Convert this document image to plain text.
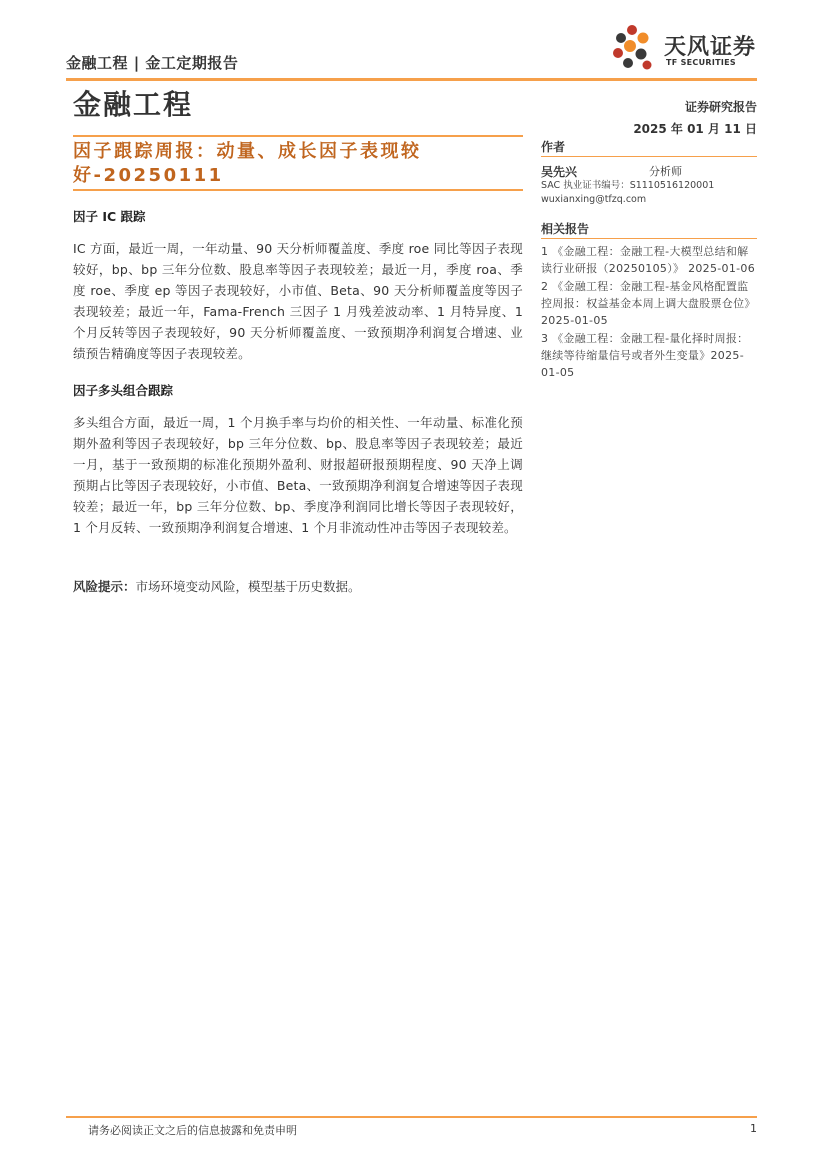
金融工程 | 金工定期报告
天风证券
TF SECURITIES
金融工程	证券研究报告
2025 年 01 月 11 日
因子跟踪周报：动量、成长因子表现较好-20250111
作者
吴先兴	分析师
SAC 执业证书编号：S1110516120001
wuxianxing@tfzq.com
相关报告
1 《金融工程：金融工程-大模型总结和解读行业研报（20250105）》 2025-01-06
2 《金融工程：金融工程-基金风格配置监控周报：权益基金本周上调大盘股票仓位》2025-01-05
3 《金融工程：金融工程-量化择时周报：继续等待缩量信号或者外生变量》2025-01-05
因子 IC 跟踪
IC 方面，最近一周，一年动量、90 天分析师覆盖度、季度 roe 同比等因子表现较好，bp、bp 三年分位数、股息率等因子表现较差；最近一月，季度 roa、季度 roe、季度 ep 等因子表现较好，小市值、Beta、90 天分析师覆盖度等因子表现较差；最近一年，Fama-French 三因子 1 月残差波动率、1 月特异度、1 个月反转等因子表现较好，90 天分析师覆盖度、一致预期净利润复合增速、业绩预告精确度等因子表现较差。
因子多头组合跟踪
多头组合方面，最近一周，1 个月换手率与均价的相关性、一年动量、标准化预期外盈利等因子表现较好，bp 三年分位数、bp、股息率等因子表现较差；最近一月，基于一致预期的标准化预期外盈利、财报超研报预期程度、90 天净上调预期占比等因子表现较好，小市值、Beta、一致预期净利润复合增速等因子表现较差；最近一年，bp 三年分位数、bp、季度净利润同比增长等因子表现较好，1 个月反转、一致预期净利润复合增速、1 个月非流动性冲击等因子表现较差。
风险提示：市场环境变动风险，模型基于历史数据。
请务必阅读正文之后的信息披露和免责申明	1
